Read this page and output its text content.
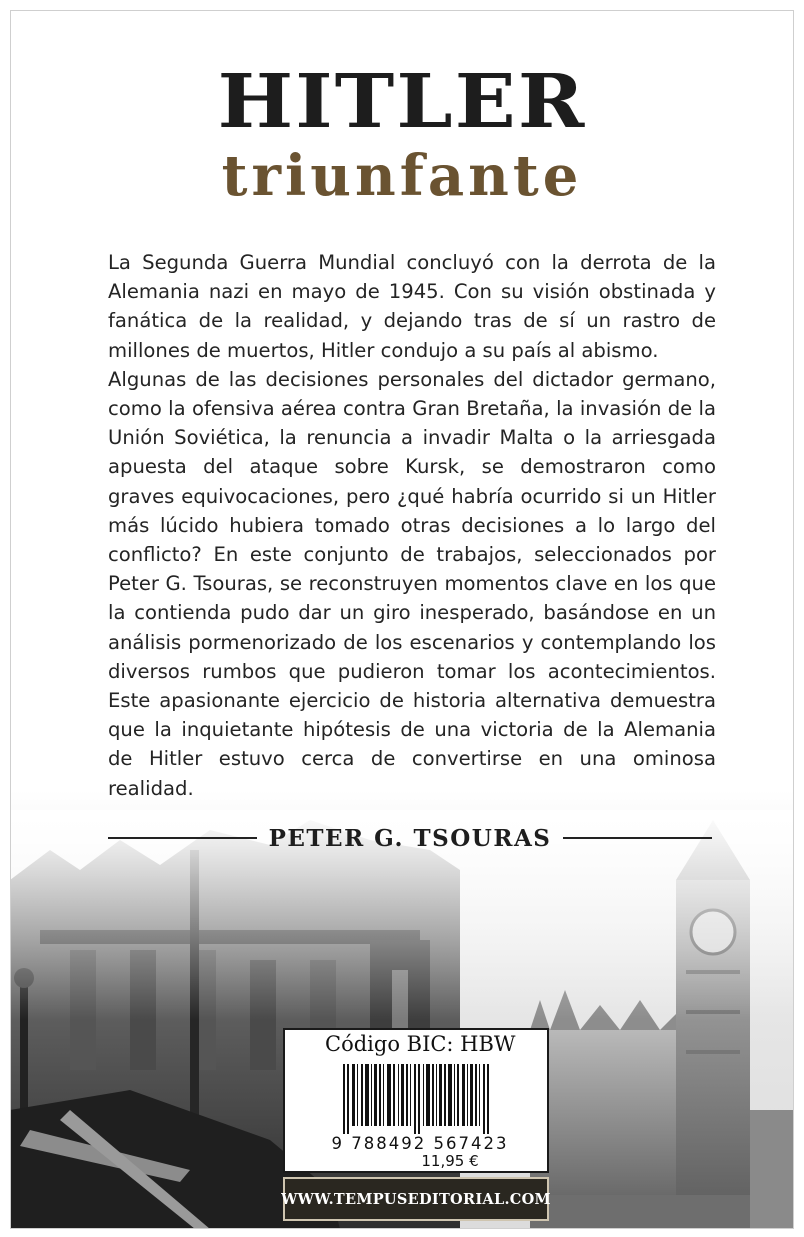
HITLER
triunfante

La Segunda Guerra Mundial concluyó con la derrota de la Alemania nazi en mayo de 1945. Con su visión obstinada y fanática de la realidad, y dejando tras de sí un rastro de millones de muertos, Hitler condujo a su país al abismo.

Algunas de las decisiones personales del dictador germano, como la ofensiva aérea contra Gran Bretaña, la invasión de la Unión Soviética, la renuncia a invadir Malta o la arriesgada apuesta del ataque sobre Kursk, se demostraron como graves equivocaciones, pero ¿qué habría ocurrido si un Hitler más lúcido hubiera tomado otras decisiones a lo largo del conflicto? En este conjunto de trabajos, seleccionados por Peter G. Tsouras, se reconstruyen momentos clave en los que la contienda pudo dar un giro inesperado, basándose en un análisis pormenorizado de los escenarios y contemplando los diversos rumbos que pudieron tomar los acontecimientos. Este apasionante ejercicio de historia alternativa demuestra que la inquietante hipótesis de una victoria de la Alemania de Hitler estuvo cerca de convertirse en una ominosa realidad.

PETER G. TSOURAS
Código BIC: HBW
9 788492 567423
11,95 €
WWW.TEMPUSEDITORIAL.COM
